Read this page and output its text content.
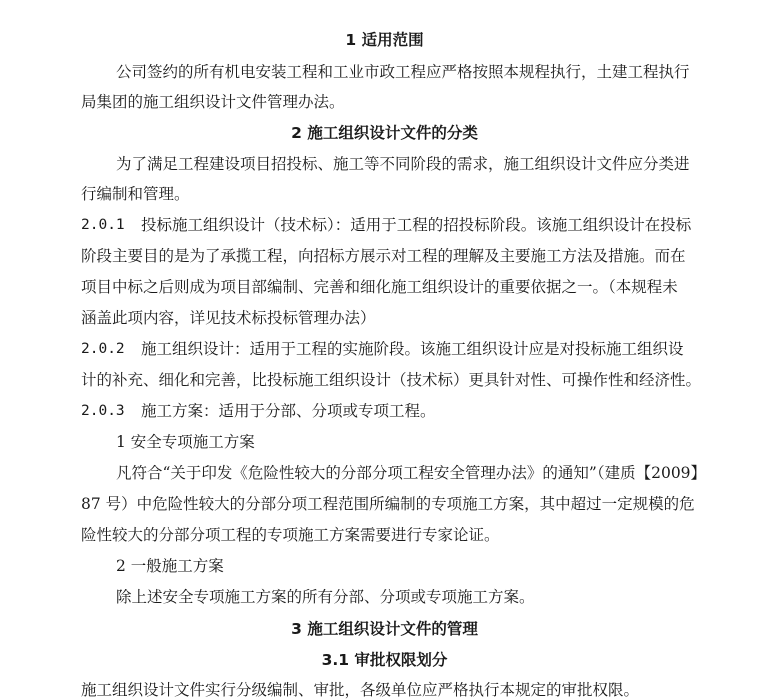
1 适用范围
公司签约的所有机电安装工程和工业市政工程应严格按照本规程执行，土建工程执行
局集团的施工组织设计文件管理办法。
2 施工组织设计文件的分类
为了满足工程建设项目招投标、施工等不同阶段的需求，施工组织设计文件应分类进
行编制和管理。
2.0.1 投标施工组织设计（技术标）：适用于工程的招投标阶段。该施工组织设计在投标
阶段主要目的是为了承揽工程，向招标方展示对工程的理解及主要施工方法及措施。而在
项目中标之后则成为项目部编制、完善和细化施工组织设计的重要依据之一。（本规程未
涵盖此项内容，详见技术标投标管理办法）
2.0.2 施工组织设计：适用于工程的实施阶段。该施工组织设计应是对投标施工组织设
计的补充、细化和完善，比投标施工组织设计（技术标）更具针对性、可操作性和经济性。
2.0.3 施工方案：适用于分部、分项或专项工程。
1 安全专项施工方案
凡符合“关于印发《危险性较大的分部分项工程安全管理办法》的通知”（建质【2009】
87 号）中危险性较大的分部分项工程范围所编制的专项施工方案，其中超过一定规模的危
险性较大的分部分项工程的专项施工方案需要进行专家论证。
2 一般施工方案
除上述安全专项施工方案的所有分部、分项或专项施工方案。
3 施工组织设计文件的管理
3.1 审批权限划分
施工组织设计文件实行分级编制、审批，各级单位应严格执行本规定的审批权限。
